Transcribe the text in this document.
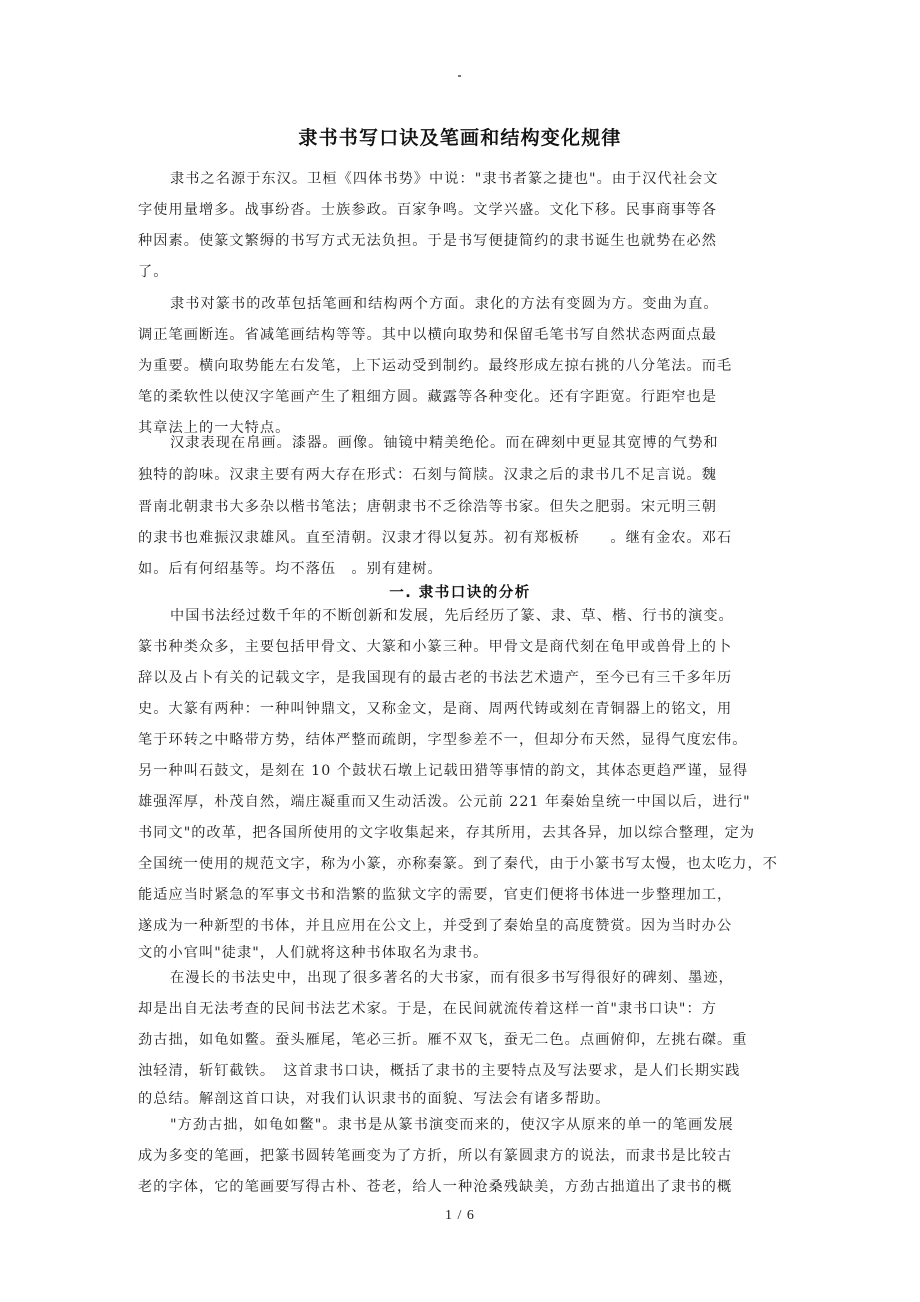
隶书书写口诀及笔画和结构变化规律
隶书之名源于东汉。卫桓《四体书势》中说："隶书者篆之捷也"。由于汉代社会文
字使用量增多。战事纷沓。士族参政。百家争鸣。文学兴盛。文化下移。民事商事等各
种因素。使篆文繁缛的书写方式无法负担。于是书写便捷简约的隶书诞生也就势在必然
了。
隶书对篆书的改革包括笔画和结构两个方面。隶化的方法有变圆为方。变曲为直。
调正笔画断连。省减笔画结构等等。其中以横向取势和保留毛笔书写自然状态两面点最
为重要。横向取势能左右发笔，上下运动受到制约。最终形成左掠右挑的八分笔法。而毛
笔的柔软性以使汉字笔画产生了粗细方圆。藏露等各种变化。还有字距宽。行距窄也是
其章法上的一大特点。
汉隶表现在帛画。漆器。画像。铀镜中精美绝伦。而在碑刻中更显其宽博的气势和
独特的韵味。汉隶主要有两大存在形式：石刻与简牍。汉隶之后的隶书几不足言说。魏
晋南北朝隶书大多杂以楷书笔法；唐朝隶书不乏徐浩等书家。但失之肥弱。宋元明三朝
的隶书也难振汉隶雄风。直至清朝。汉隶才得以复苏。初有郑板桥　　。继有金农。邓石
如。后有何绍基等。均不落伍　。别有建树。
一. 隶书口诀的分析
中国书法经过数千年的不断创新和发展，先后经历了篆、隶、草、楷、行书的演变。
篆书种类众多，主要包括甲骨文、大篆和小篆三种。甲骨文是商代刻在龟甲或兽骨上的卜
辞以及占卜有关的记载文字，是我国现有的最古老的书法艺术遗产，至今已有三千多年历
史。大篆有两种：一种叫钟鼎文，又称金文，是商、周两代铸或刻在青铜器上的铭文，用
笔于环转之中略带方势，结体严整而疏朗，字型参差不一，但却分布天然，显得气度宏伟。
另一种叫石鼓文，是刻在 10 个鼓状石墩上记载田猎等事情的韵文，其体态更趋严谨，显得
雄强浑厚，朴茂自然，端庄凝重而又生动活泼。公元前 221 年秦始皇统一中国以后，进行"
书同文"的改革，把各国所使用的文字收集起来，存其所用，去其各异，加以综合整理，定为
全国统一使用的规范文字，称为小篆，亦称秦篆。到了秦代，由于小篆书写太慢，也太吃力，不
能适应当时紧急的军事文书和浩繁的监狱文字的需要，官吏们便将书体进一步整理加工，
遂成为一种新型的书体，并且应用在公文上，并受到了秦始皇的高度赞赏。因为当时办公
文的小官叫"徒隶"，人们就将这种书体取名为隶书。
在漫长的书法史中，出现了很多著名的大书家，而有很多书写得很好的碑刻、墨迹，
却是出自无法考查的民间书法艺术家。于是，在民间就流传着这样一首"隶书口诀"：方
劲古拙，如龟如鳖。蚕头雁尾，笔必三折。雁不双飞，蚕无二色。点画俯仰，左挑右磔。重
浊轻清，斩钉截铁。　这首隶书口诀，概括了隶书的主要特点及写法要求，是人们长期实践
的总结。解剖这首口诀，对我们认识隶书的面貌、写法会有诸多帮助。
"方劲古拙，如龟如鳖"。隶书是从篆书演变而来的，使汉字从原来的单一的笔画发展
成为多变的笔画，把篆书圆转笔画变为了方折，所以有篆圆隶方的说法，而隶书是比较古
老的字体，它的笔画要写得古朴、苍老，给人一种沧桑残缺美，方劲古拙道出了隶书的概
1 / 6
